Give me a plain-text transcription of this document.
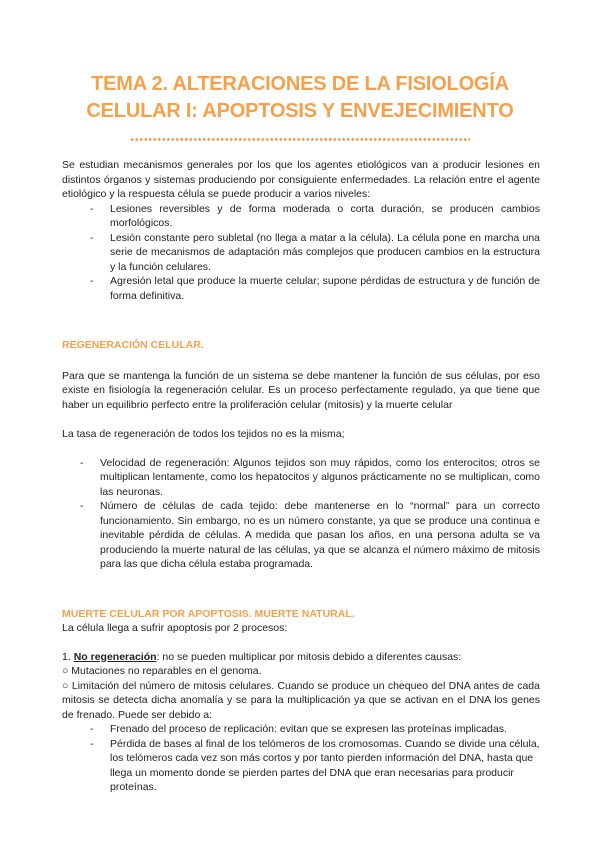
TEMA 2. ALTERACIONES DE LA FISIOLOGÍA
CELULAR I: APOPTOSIS Y ENVEJECIMIENTO

Se estudian mecanismos generales por los que los agentes etiológicos van a producir lesiones en distintos órganos y sistemas produciendo por consiguiente enfermedades. La relación entre el agente etiológico y la respuesta célula se puede producir a varios niveles:

- Lesiones reversibles y de forma moderada o corta duración, se producen cambios morfológicos.
- Lesión constante pero subletal (no llega a matar a la célula). La célula pone en marcha una serie de mecanismos de adaptación más complejos que producen cambios en la estructura y la función celulares.
- Agresión letal que produce la muerte celular; supone pérdidas de estructura y de función de forma definitiva.
REGENERACIÓN CELULAR.

Para que se mantenga la función de un sistema se debe mantener la función de sus células, por eso existe en fisiología la regeneración celular. Es un proceso perfectamente regulado, ya que tiene que haber un equilibrio perfecto entre la proliferación celular (mitosis) y la muerte celular

La tasa de regeneración de todos los tejidos no es la misma;

- Velocidad de regeneración: Algunos tejidos son muy rápidos, como los enterocitos; otros se multiplican lentamente, como los hepatocitos y algunos prácticamente no se multiplican, como las neuronas.
- Número de células de cada tejido: debe mantenerse en lo “normal” para un correcto funcionamiento. Sin embargo, no es un número constante, ya que se produce una continua e inevitable pérdida de células. A medida que pasan los años, en una persona adulta se va produciendo la muerte natural de las células, ya que se alcanza el número máximo de mitosis para las que dicha célula estaba programada.
MUERTE CELULAR POR APOPTOSIS. MUERTE NATURAL.

La célula llega a sufrir apoptosis por 2 procesos:

1. No regeneración: no se pueden multiplicar por mitosis debido a diferentes causas:

○ Mutaciones no reparables en el genoma.

○ Limitación del número de mitosis celulares. Cuando se produce un chequeo del DNA antes de cada mitosis se detecta dicha anomalía y se para la multiplicación ya que se activan en el DNA los genes de frenado. Puede ser debido a:

- Frenado del proceso de replicación: evitan que se expresen las proteínas implicadas.
- Pérdida de bases al final de los telómeros de los cromosomas. Cuando se divide una célula, los telómeros cada vez son más cortos y por tanto pierden información del DNA, hasta que llega un momento donde se pierden partes del DNA que eran necesarias para producir proteínas.
